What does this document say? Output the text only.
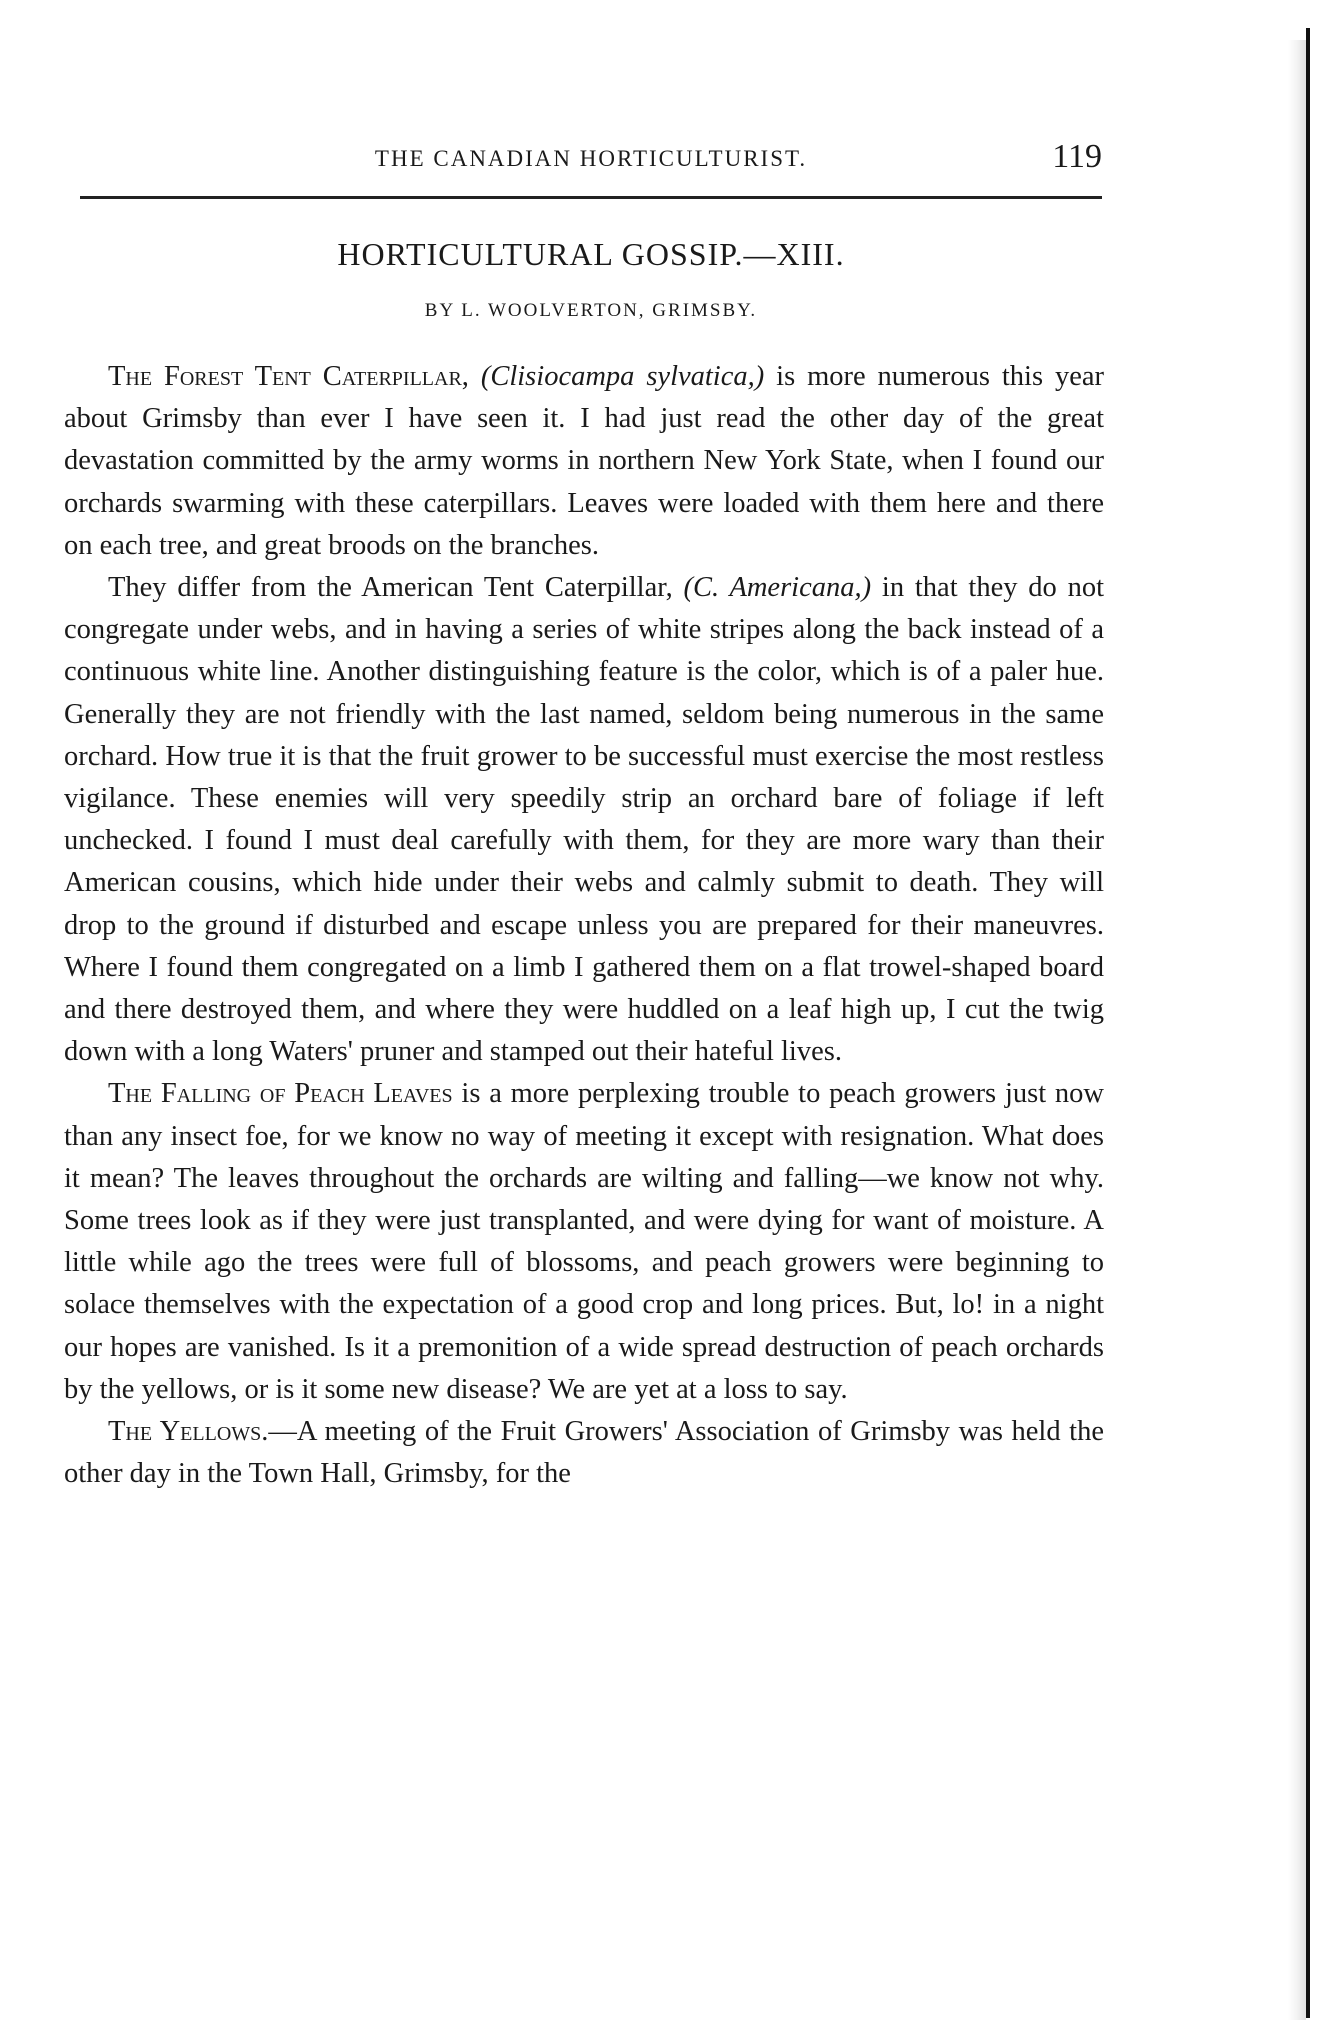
THE CANADIAN HORTICULTURIST.	119
HORTICULTURAL GOSSIP.—XIII.
BY L. WOOLVERTON, GRIMSBY.

The Forest Tent Caterpillar, (Clisiocampa sylvatica,) is more numerous this year about Grimsby than ever I have seen it. I had just read the other day of the great devastation committed by the army worms in northern New York State, when I found our orchards swarming with these caterpillars. Leaves were loaded with them here and there on each tree, and great broods on the branches.

They differ from the American Tent Caterpillar, (C. Americana,) in that they do not congregate under webs, and in having a series of white stripes along the back instead of a continuous white line. Another distinguishing feature is the color, which is of a paler hue. Generally they are not friendly with the last named, seldom being numerous in the same orchard. How true it is that the fruit grower to be successful must exercise the most restless vigilance. These enemies will very speedily strip an orchard bare of foliage if left unchecked. I found I must deal carefully with them, for they are more wary than their American cousins, which hide under their webs and calmly submit to death. They will drop to the ground if disturbed and escape unless you are prepared for their maneuvres. Where I found them congregated on a limb I gathered them on a flat trowel-shaped board and there destroyed them, and where they were huddled on a leaf high up, I cut the twig down with a long Waters' pruner and stamped out their hateful lives.

The Falling of Peach Leaves is a more perplexing trouble to peach growers just now than any insect foe, for we know no way of meeting it except with resignation. What does it mean? The leaves throughout the orchards are wilting and falling—we know not why. Some trees look as if they were just transplanted, and were dying for want of moisture. A little while ago the trees were full of blossoms, and peach growers were beginning to solace themselves with the expectation of a good crop and long prices. But, lo! in a night our hopes are vanished. Is it a premonition of a wide spread destruction of peach orchards by the yellows, or is it some new disease? We are yet at a loss to say.

The Yellows.—A meeting of the Fruit Growers' Association of Grimsby was held the other day in the Town Hall, Grimsby, for the
